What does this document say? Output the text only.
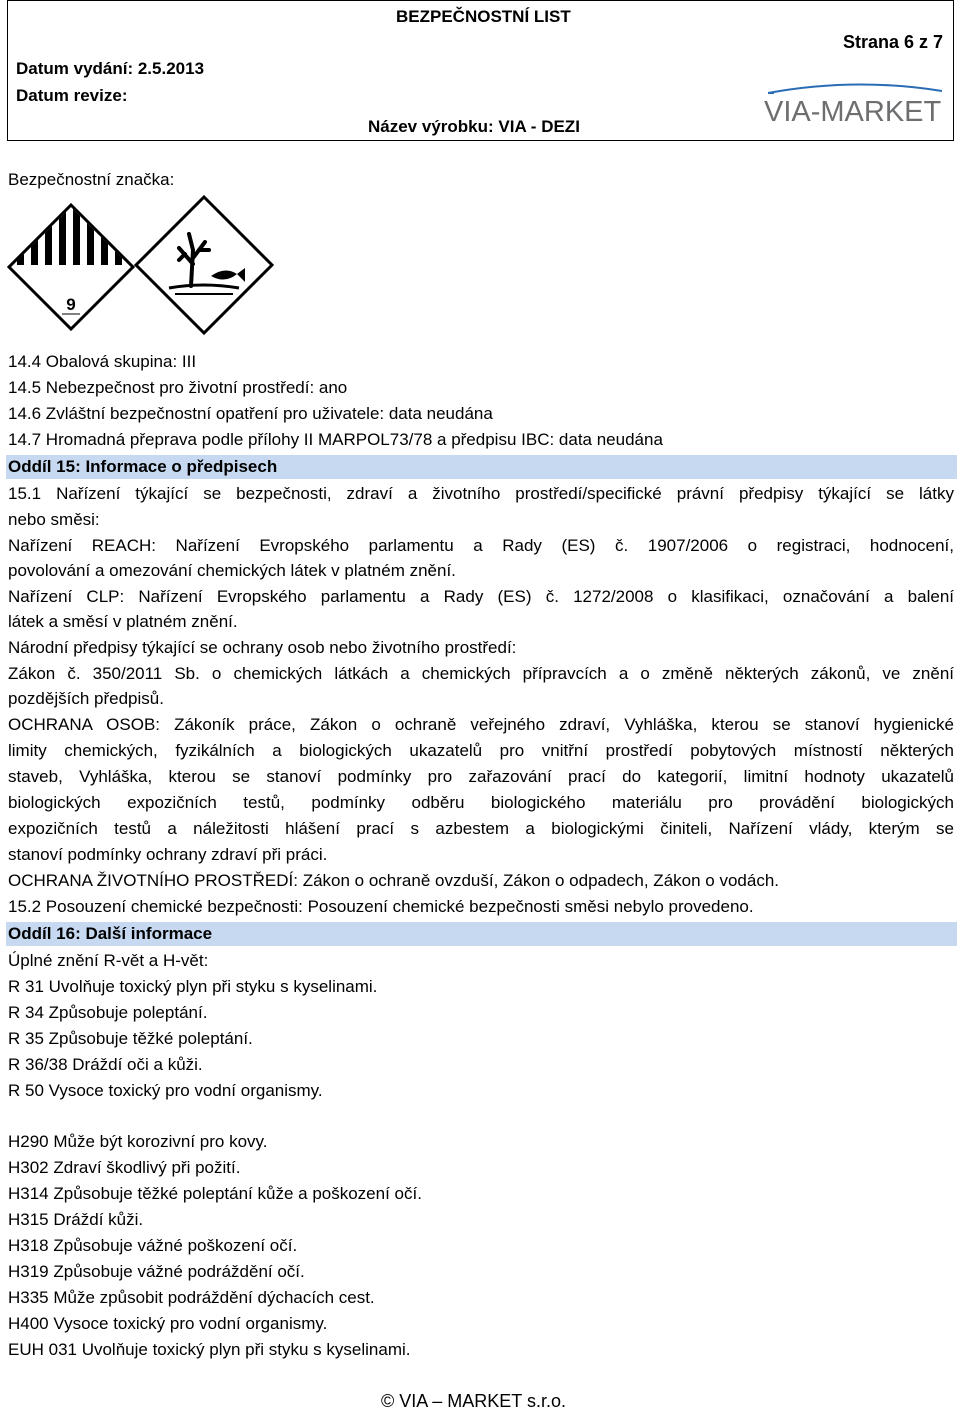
BEZPEČNOSTNÍ LIST
Strana 6 z 7
Datum vydání: 2.5.2013
Datum revize:
Název výrobku: VIA - DEZI	VIA-MARKET
Bezpečnostní značka:
9
14.4 Obalová skupina: III
14.5 Nebezpečnost pro životní prostředí: ano
14.6 Zvláštní bezpečnostní opatření pro uživatele: data neudána
14.7 Hromadná přeprava podle přílohy II MARPOL73/78 a předpisu IBC: data neudána
Oddíl 15: Informace o předpisech
15.1 Nařízení týkající se bezpečnosti, zdraví a životního prostředí/specifické právní předpisy týkající se látky
nebo směsi:
Nařízení REACH: Nařízení Evropského parlamentu a Rady (ES) č. 1907/2006 o registraci, hodnocení,
povolování a omezování chemických látek v platném znění.
Nařízení CLP: Nařízení Evropského parlamentu a Rady (ES) č. 1272/2008 o klasifikaci, označování a balení
látek a směsí v platném znění.
Národní předpisy týkající se ochrany osob nebo životního prostředí:
Zákon č. 350/2011 Sb. o chemických látkách a chemických přípravcích a o změně některých zákonů, ve znění
pozdějších předpisů.
OCHRANA OSOB: Zákoník práce, Zákon o ochraně veřejného zdraví, Vyhláška, kterou se stanoví hygienické
limity chemických, fyzikálních a biologických ukazatelů pro vnitřní prostředí pobytových místností některých
staveb, Vyhláška, kterou se stanoví podmínky pro zařazování prací do kategorií, limitní hodnoty ukazatelů
biologických expozičních testů, podmínky odběru biologického materiálu pro provádění biologických
expozičních testů a náležitosti hlášení prací s azbestem a biologickými činiteli, Nařízení vlády, kterým se
stanoví podmínky ochrany zdraví při práci.
OCHRANA ŽIVOTNÍHO PROSTŘEDÍ: Zákon o ochraně ovzduší, Zákon o odpadech, Zákon o vodách.
15.2 Posouzení chemické bezpečnosti: Posouzení chemické bezpečnosti směsi nebylo provedeno.
Oddíl 16: Další informace
Úplné znění R-vět a H-vět:
R 31 Uvolňuje toxický plyn při styku s kyselinami.
R 34 Způsobuje poleptání.
R 35 Způsobuje těžké poleptání.
R 36/38 Dráždí oči a kůži.
R 50 Vysoce toxický pro vodní organismy.
H290 Může být korozivní pro kovy.
H302 Zdraví škodlivý při požití.
H314 Způsobuje těžké poleptání kůže a poškození očí.
H315 Dráždí kůži.
H318 Způsobuje vážné poškození očí.
H319 Způsobuje vážné podráždění očí.
H335 Může způsobit podráždění dýchacích cest.
H400 Vysoce toxický pro vodní organismy.
EUH 031 Uvolňuje toxický plyn při styku s kyselinami.
© VIA – MARKET s.r.o.
